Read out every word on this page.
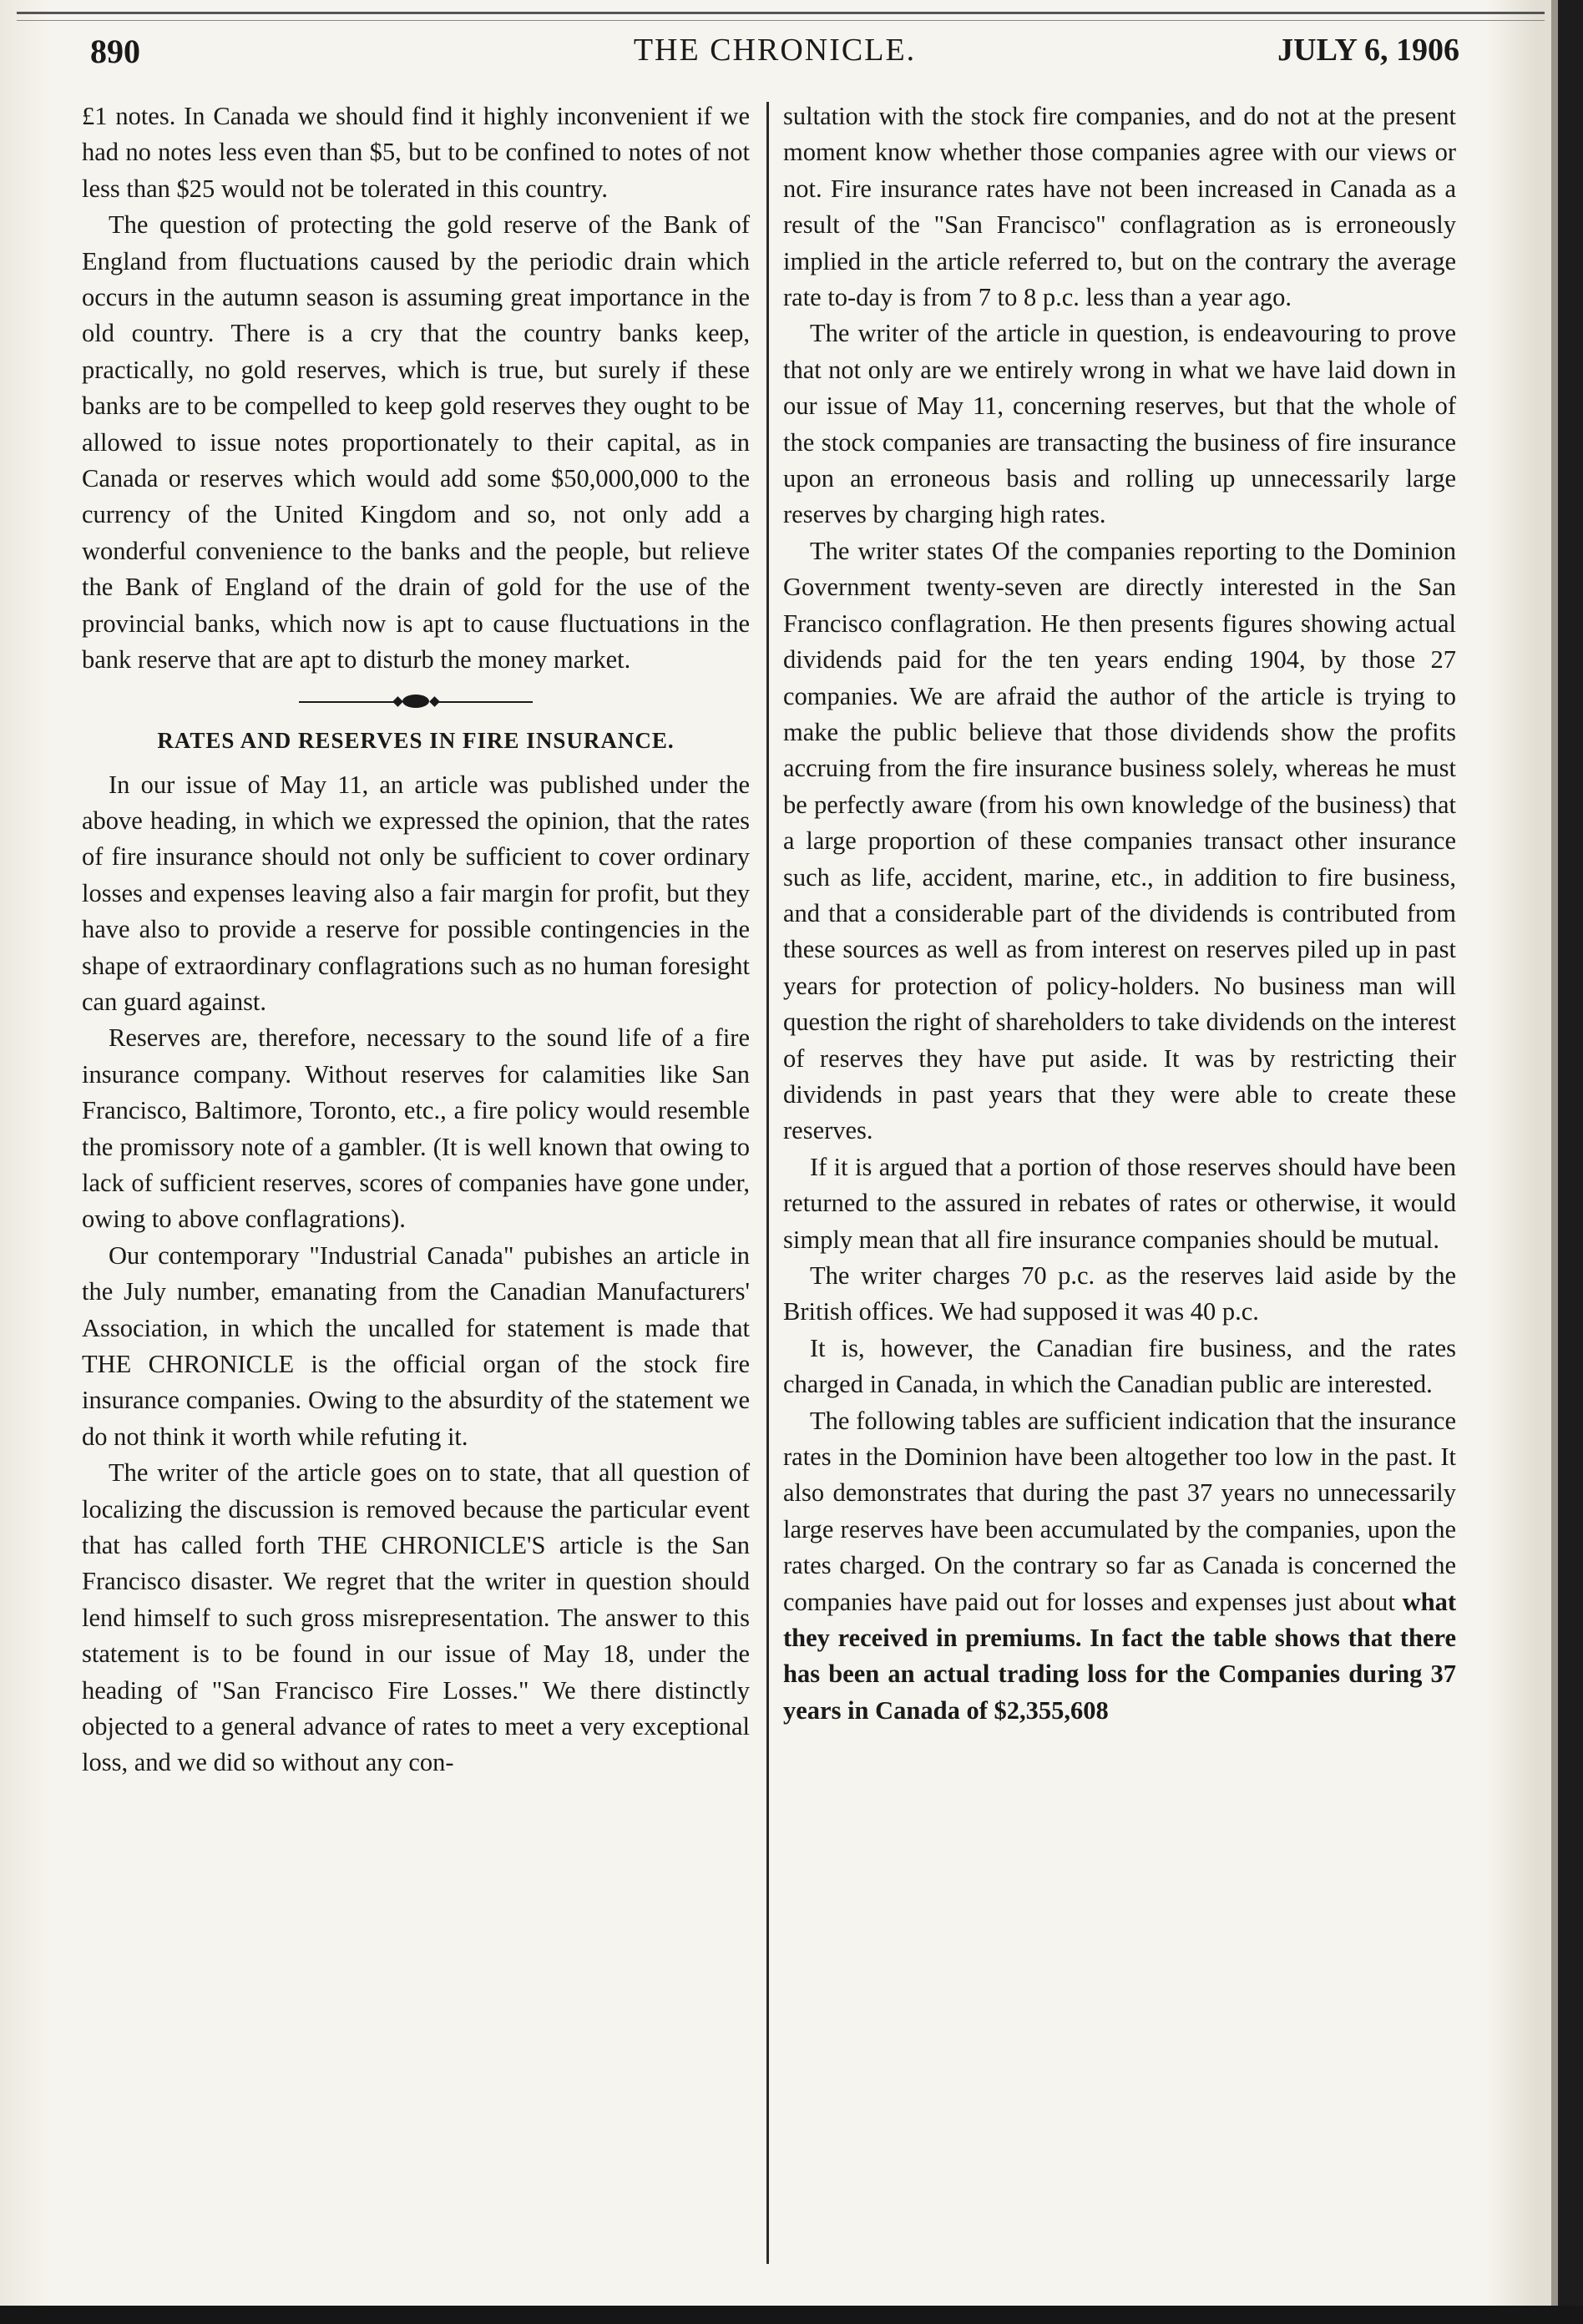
890	THE CHRONICLE.	JULY 6, 1906

£1 notes. In Canada we should find it highly inconvenient if we had no notes less even than $5, but to be confined to notes of not less than $25 would not be tolerated in this country.

The question of protecting the gold reserve of the Bank of England from fluctuations caused by the periodic drain which occurs in the autumn season is assuming great importance in the old country. There is a cry that the country banks keep, practically, no gold reserves, which is true, but surely if these banks are to be compelled to keep gold reserves they ought to be allowed to issue notes proportionately to their capital, as in Canada or reserves which would add some $50,000,000 to the currency of the United Kingdom and so, not only add a wonderful convenience to the banks and the people, but relieve the Bank of England of the drain of gold for the use of the provincial banks, which now is apt to cause fluctuations in the bank reserve that are apt to disturb the money market.

RATES AND RESERVES IN FIRE INSURANCE.

In our issue of May 11, an article was published under the above heading, in which we expressed the opinion, that the rates of fire insurance should not only be sufficient to cover ordinary losses and expenses leaving also a fair margin for profit, but they have also to provide a reserve for possible contingencies in the shape of extraordinary conflagrations such as no human foresight can guard against.

Reserves are, therefore, necessary to the sound life of a fire insurance company. Without reserves for calamities like San Francisco, Baltimore, Toronto, etc., a fire policy would resemble the promissory note of a gambler. (It is well known that owing to lack of sufficient reserves, scores of companies have gone under, owing to above conflagrations).

Our contemporary "Industrial Canada" pubishes an article in the July number, emanating from the Canadian Manufacturers' Association, in which the uncalled for statement is made that THE CHRONICLE is the official organ of the stock fire insurance companies. Owing to the absurdity of the statement we do not think it worth while refuting it.

The writer of the article goes on to state, that all question of localizing the discussion is removed because the particular event that has called forth THE CHRONICLE'S article is the San Francisco disaster. We regret that the writer in question should lend himself to such gross misrepresentation. The answer to this statement is to be found in our issue of May 18, under the heading of "San Francisco Fire Losses." We there distinctly objected to a general advance of rates to meet a very exceptional loss, and we did so without any con-

sultation with the stock fire companies, and do not at the present moment know whether those companies agree with our views or not. Fire insurance rates have not been increased in Canada as a result of the "San Francisco" conflagration as is erroneously implied in the article referred to, but on the contrary the average rate to-day is from 7 to 8 p.c. less than a year ago.

The writer of the article in question, is endeavouring to prove that not only are we entirely wrong in what we have laid down in our issue of May 11, concerning reserves, but that the whole of the stock companies are transacting the business of fire insurance upon an erroneous basis and rolling up unnecessarily large reserves by charging high rates.

The writer states Of the companies reporting to the Dominion Government twenty-seven are directly interested in the San Francisco conflagration. He then presents figures showing actual dividends paid for the ten years ending 1904, by those 27 companies. We are afraid the author of the article is trying to make the public believe that those dividends show the profits accruing from the fire insurance business solely, whereas he must be perfectly aware (from his own knowledge of the business) that a large proportion of these companies transact other insurance such as life, accident, marine, etc., in addition to fire business, and that a considerable part of the dividends is contributed from these sources as well as from interest on reserves piled up in past years for protection of policy-holders. No business man will question the right of shareholders to take dividends on the interest of reserves they have put aside. It was by restricting their dividends in past years that they were able to create these reserves.

If it is argued that a portion of those reserves should have been returned to the assured in rebates of rates or otherwise, it would simply mean that all fire insurance companies should be mutual.

The writer charges 70 p.c. as the reserves laid aside by the British offices. We had supposed it was 40 p.c.

It is, however, the Canadian fire business, and the rates charged in Canada, in which the Canadian public are interested.

The following tables are sufficient indication that the insurance rates in the Dominion have been altogether too low in the past. It also demonstrates that during the past 37 years no unnecessarily large reserves have been accumulated by the companies, upon the rates charged. On the contrary so far as Canada is concerned the companies have paid out for losses and expenses just about what they received in premiums. In fact the table shows that there has been an actual trading loss for the Companies during 37 years in Canada of $2,355,608
